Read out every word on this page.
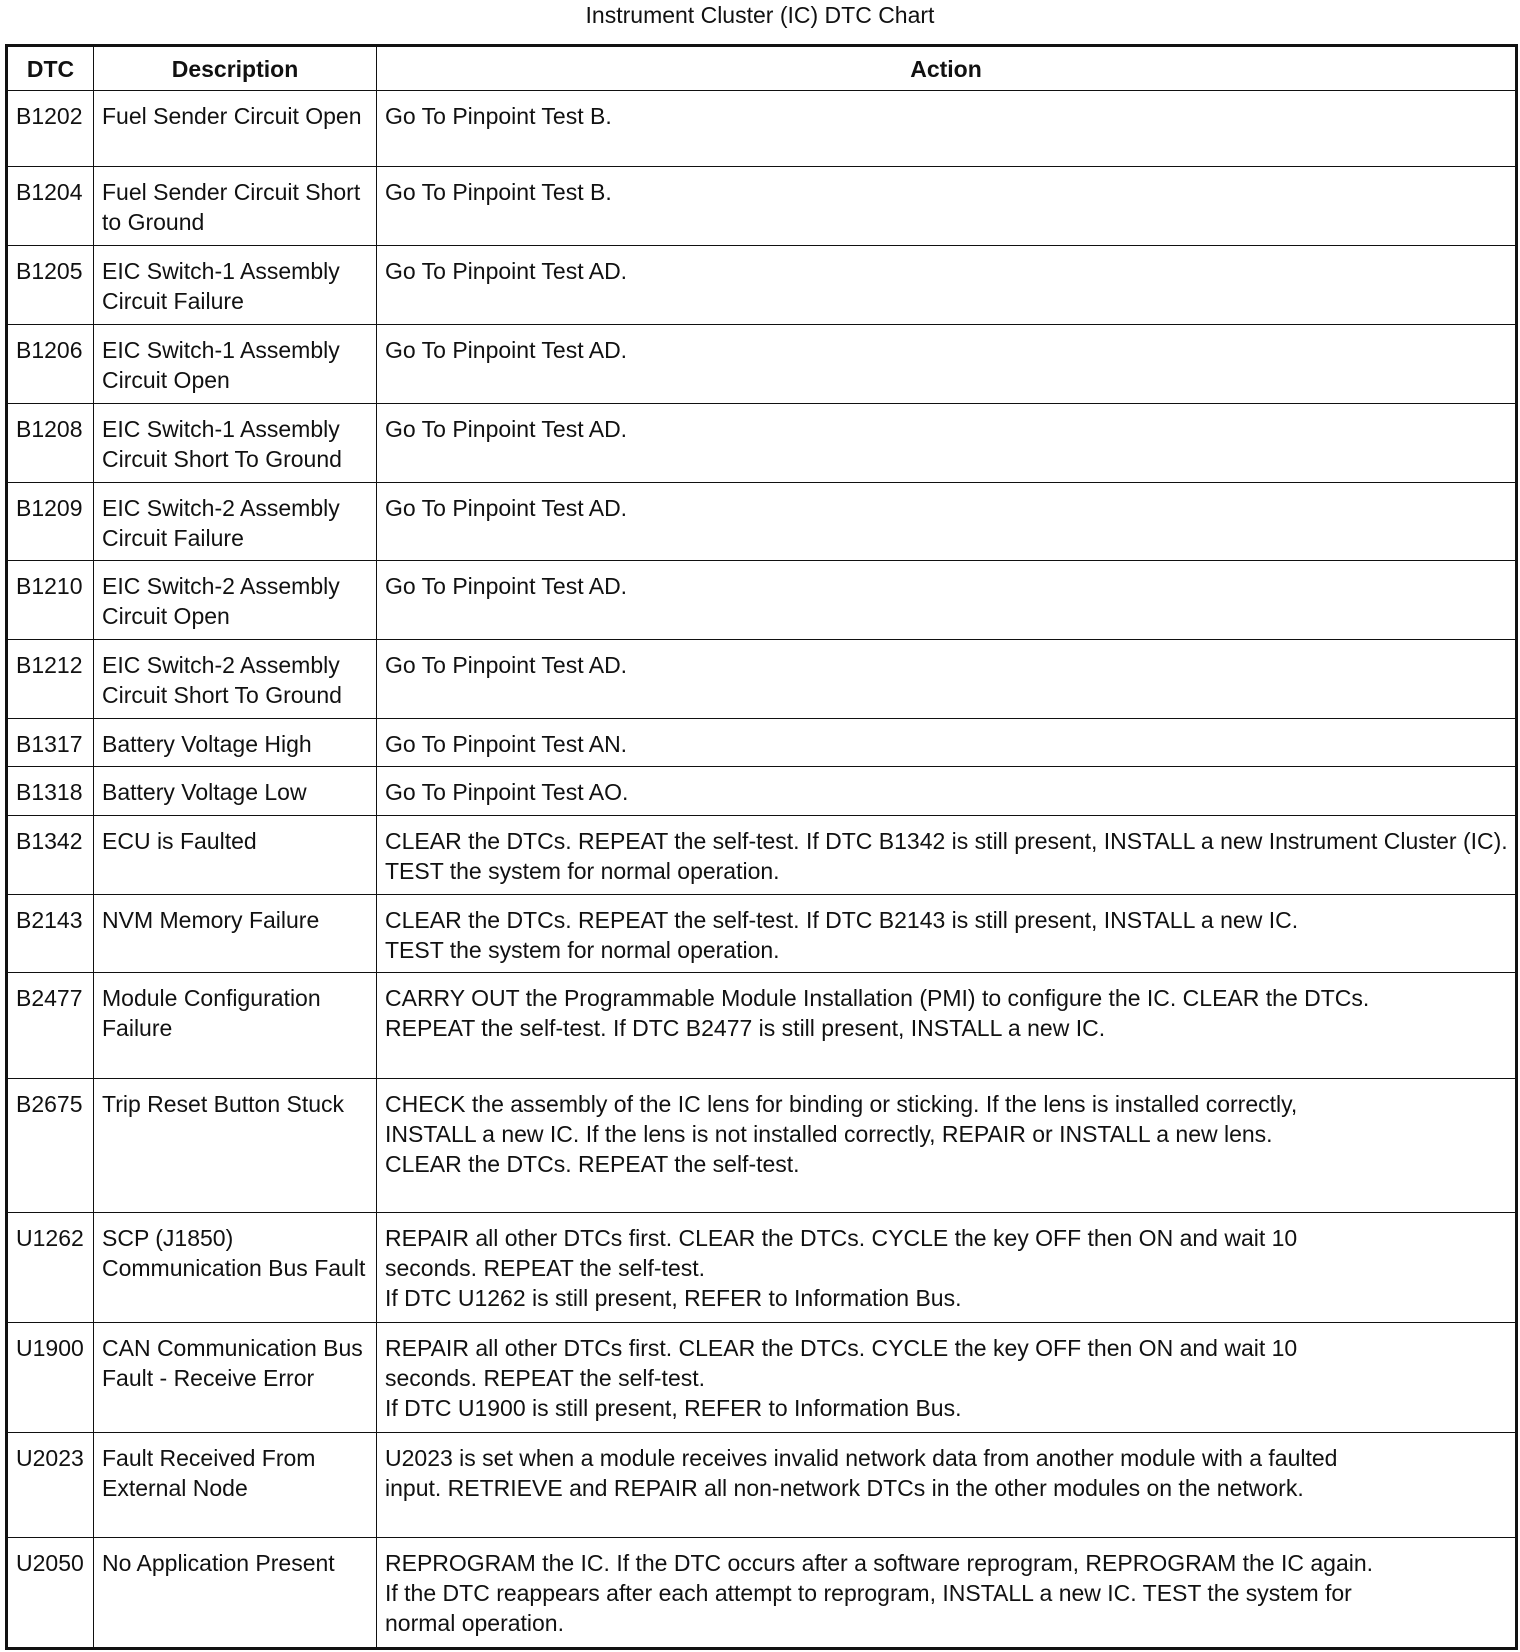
Instrument Cluster (IC) DTC Chart
DTC	Description	Action
B1202	Fuel Sender Circuit Open	Go To Pinpoint Test B.

B1204	Fuel Sender Circuit Short to Ground	Go To Pinpoint Test B.

B1205	EIC Switch-1 Assembly Circuit Failure	Go To Pinpoint Test AD.

B1206	EIC Switch-1 Assembly Circuit Open	Go To Pinpoint Test AD.

B1208	EIC Switch-1 Assembly Circuit Short To Ground	Go To Pinpoint Test AD.

B1209	EIC Switch-2 Assembly Circuit Failure	Go To Pinpoint Test AD.

B1210	EIC Switch-2 Assembly Circuit Open	Go To Pinpoint Test AD.

B1212	EIC Switch-2 Assembly Circuit Short To Ground	Go To Pinpoint Test AD.

B1317	Battery Voltage High	Go To Pinpoint Test AN.

B1318	Battery Voltage Low	Go To Pinpoint Test AO.

B1342	ECU is Faulted	CLEAR the DTCs. REPEAT the self-test. If DTC B1342 is still present, INSTALL a new Instrument Cluster (IC). TEST the system for normal operation.

B2143	NVM Memory Failure	CLEAR the DTCs. REPEAT the self-test. If DTC B2143 is still present, INSTALL a new IC.
TEST the system for normal operation.

B2477	Module Configuration Failure	CARRY OUT the Programmable Module Installation (PMI) to configure the IC. CLEAR the DTCs.
REPEAT the self-test. If DTC B2477 is still present, INSTALL a new IC.

B2675	Trip Reset Button Stuck	CHECK the assembly of the IC lens for binding or sticking. If the lens is installed correctly,
INSTALL a new IC. If the lens is not installed correctly, REPAIR or INSTALL a new lens.
CLEAR the DTCs. REPEAT the self-test.

U1262	SCP (J1850) Communication Bus Fault	REPAIR all other DTCs first. CLEAR the DTCs. CYCLE the key OFF then ON and wait 10
seconds. REPEAT the self-test.
If DTC U1262 is still present, REFER to Information Bus.

U1900	CAN Communication Bus Fault - Receive Error	REPAIR all other DTCs first. CLEAR the DTCs. CYCLE the key OFF then ON and wait 10
seconds. REPEAT the self-test.
If DTC U1900 is still present, REFER to Information Bus.

U2023	Fault Received From External Node	U2023 is set when a module receives invalid network data from another module with a faulted
input. RETRIEVE and REPAIR all non-network DTCs in the other modules on the network.

U2050	No Application Present	REPROGRAM the IC. If the DTC occurs after a software reprogram, REPROGRAM the IC again.
If the DTC reappears after each attempt to reprogram, INSTALL a new IC. TEST the system for
normal operation.
